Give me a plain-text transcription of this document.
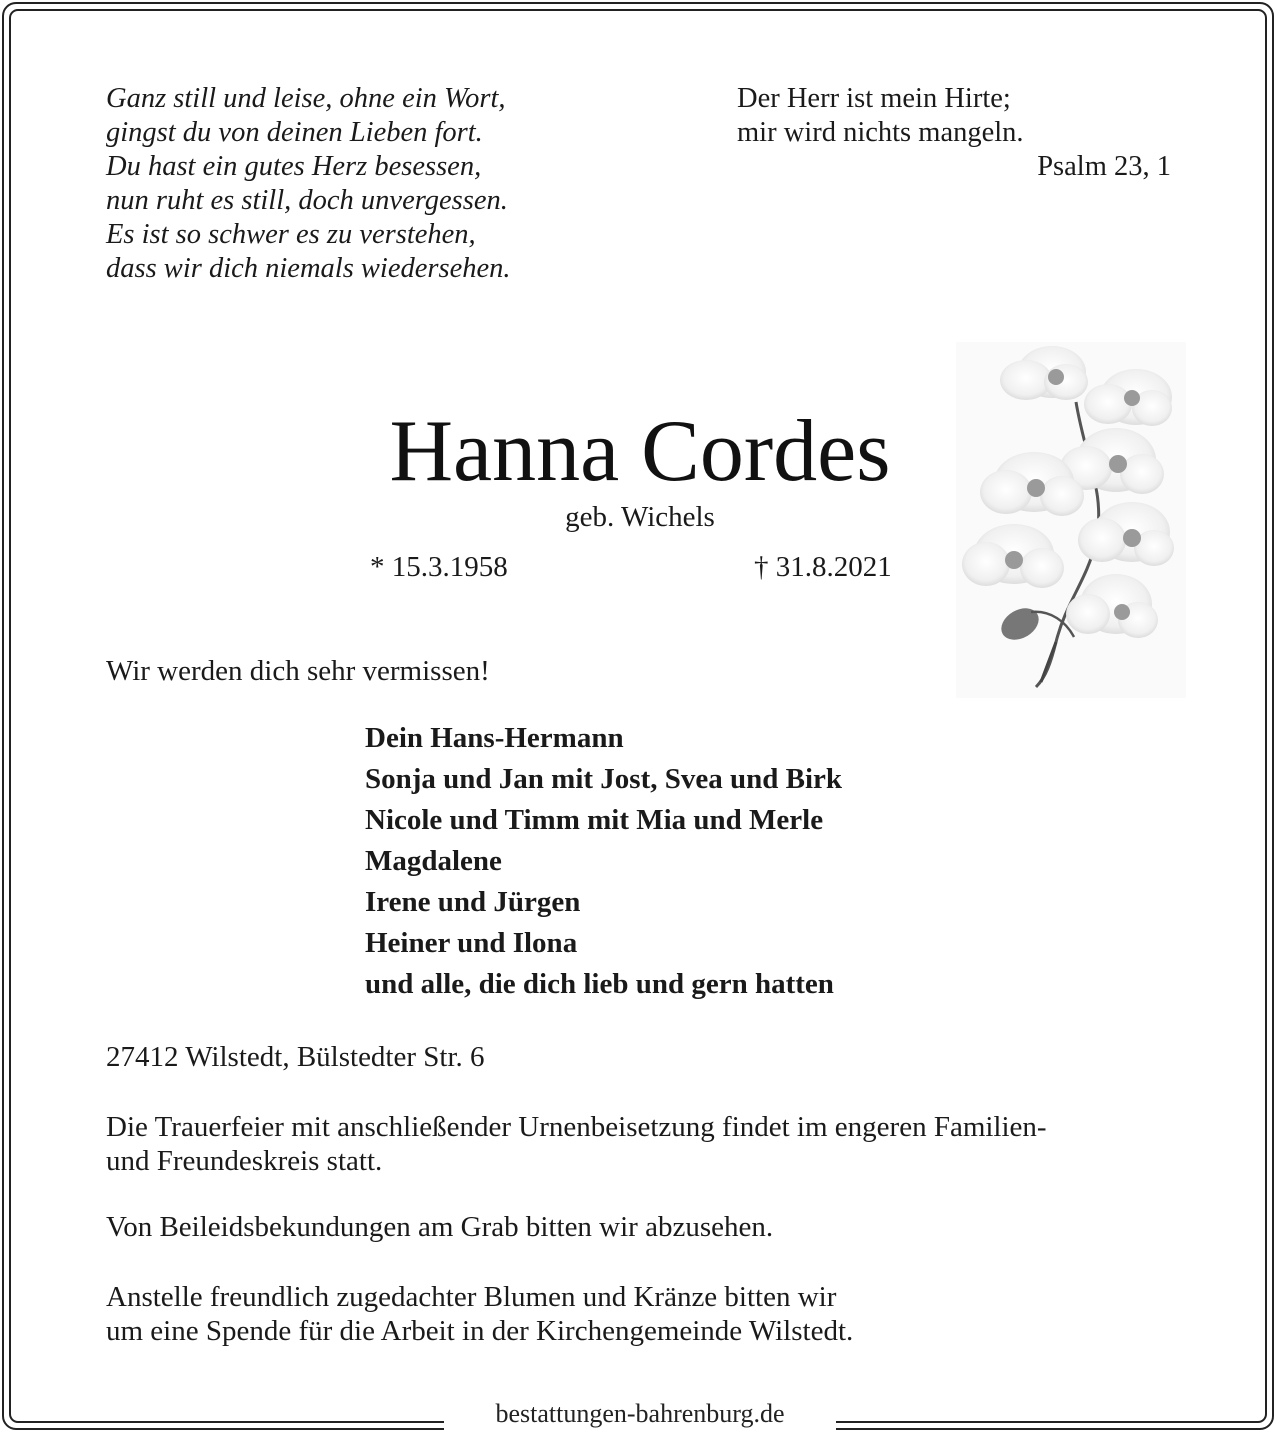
Ganz still und leise, ohne ein Wort,
gingst du von deinen Lieben fort.
Du hast ein gutes Herz besessen,
nun ruht es still, doch unvergessen.
Es ist so schwer es zu verstehen,
dass wir dich niemals wiedersehen.
Der Herr ist mein Hirte;
mir wird nichts mangeln.
Psalm 23, 1
Hanna Cordes
geb. Wichels
* 15.3.1958	† 31.8.2021
Wir werden dich sehr vermissen!
Dein Hans-Hermann
Sonja und Jan mit Jost, Svea und Birk
Nicole und Timm mit Mia und Merle
Magdalene
Irene und Jürgen
Heiner und Ilona
und alle, die dich lieb und gern hatten
27412 Wilstedt, Bülstedter Str. 6
Die Trauerfeier mit anschließender Urnenbeisetzung findet im engeren Familien-
und Freundeskreis statt.
Von Beileidsbekundungen am Grab bitten wir abzusehen.
Anstelle freundlich zugedachter Blumen und Kränze bitten wir
um eine Spende für die Arbeit in der Kirchengemeinde Wilstedt.
bestattungen-bahrenburg.de
